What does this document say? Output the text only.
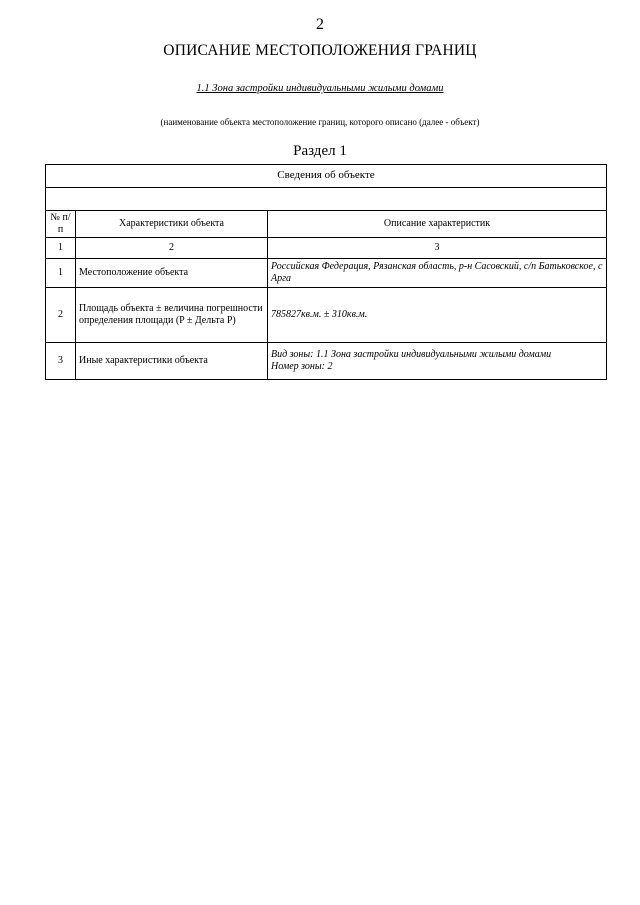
2
ОПИСАНИЕ МЕСТОПОЛОЖЕНИЯ ГРАНИЦ
1.1 Зона застройки индивидуальными жилыми домами
(наименование объекта местоположение границ, которого описано (далее - объект)
Раздел 1
Сведения об объекте		

№ п/п	Характеристики объекта	Описание характеристик
1	2	3
1	Местоположение объекта	Российская Федерация, Рязанская область, р-н Сасовский, с/п Батьковское, с Арга

2	Площадь объекта ± величина погрешности определения площади (P ± Дельта P)	785827кв.м. ± 310кв.м.

3	Иные характеристики объекта	Вид зоны: 1.1 Зона застройки индивидуальными жилыми домами
Номер зоны: 2
